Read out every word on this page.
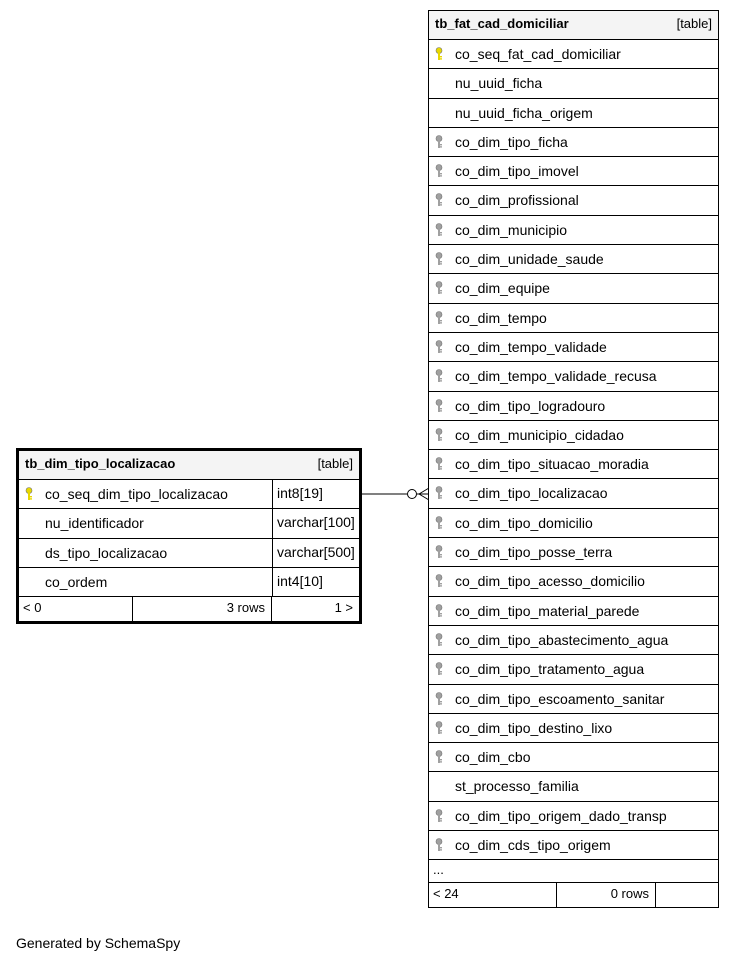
tb_dim_tipo_localizacao	[table]
co_seq_dim_tipo_localizacao	int8[19]
nu_identificador	varchar[100]
ds_tipo_localizacao	varchar[500]
co_ordem	int4[10]
< 0	3 rows	1 >
tb_fat_cad_domiciliar	[table]
co_seq_fat_cad_domiciliar
nu_uuid_ficha
nu_uuid_ficha_origem
co_dim_tipo_ficha
co_dim_tipo_imovel
co_dim_profissional
co_dim_municipio
co_dim_unidade_saude
co_dim_equipe
co_dim_tempo
co_dim_tempo_validade
co_dim_tempo_validade_recusa
co_dim_tipo_logradouro
co_dim_municipio_cidadao
co_dim_tipo_situacao_moradia
co_dim_tipo_localizacao
co_dim_tipo_domicilio
co_dim_tipo_posse_terra
co_dim_tipo_acesso_domicilio
co_dim_tipo_material_parede
co_dim_tipo_abastecimento_agua
co_dim_tipo_tratamento_agua
co_dim_tipo_escoamento_sanitar
co_dim_tipo_destino_lixo
co_dim_cbo
st_processo_familia
co_dim_tipo_origem_dado_transp
co_dim_cds_tipo_origem
...
< 24	0 rows
Generated by SchemaSpy
